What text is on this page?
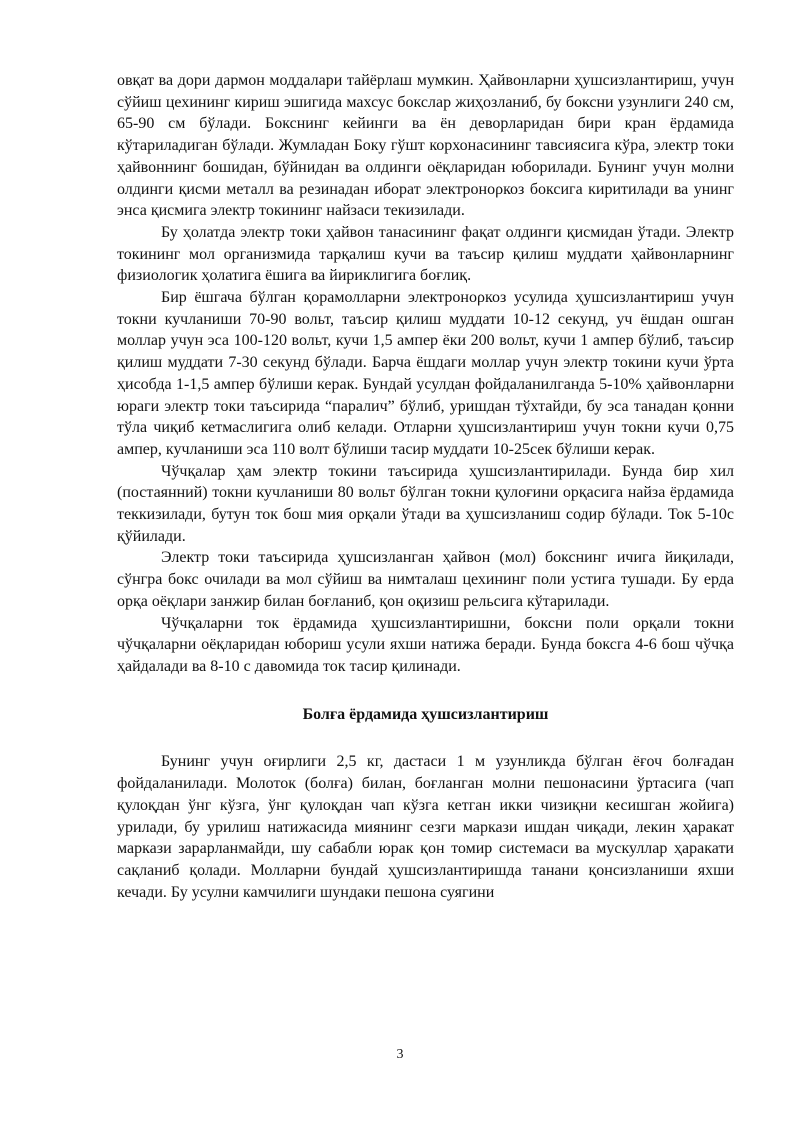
овқат ва дори дармон моддалари тайёрлаш мумкин. Ҳайвонларни ҳушсизлантириш, учун сўйиш цехининг кириш эшигида махсус бокслар жиҳозланиб, бу боксни узунлиги 240 см, 65-90 см бўлади. Бокснинг кейинги ва ён деворларидан бири кран ёрдамида кўтариладиган бўлади. Жумладан Боку гўшт корхонасининг тавсиясига кўра, электр токи ҳайвоннинг бошидан, бўйнидан ва олдинги оёқларидан юборилади. Бунинг учун молни олдинги қисми металл ва резинадан иборат электронορкоз боксига киритилади ва унинг энса қисмига электр токининг найзаси текизилади.

Бу ҳолатда электр токи ҳайвон танасининг фақат олдинги қисмидан ўтади. Электр токининг мол организмида тарқалиш кучи ва таъсир қилиш муддати ҳайвонларнинг физиологик ҳолатига ёшига ва йириклигига боғлиқ.

Бир ёшгача бўлган қорамолларни электронορкоз усулида ҳушсизлантириш учун токни кучланиши 70-90 вольт, таъсир қилиш муддати 10-12 секунд, уч ёшдан ошган моллар учун эса 100-120 вольт, кучи 1,5 ампер ёки 200 вольт, кучи 1 ампер бўлиб, таъсир қилиш муддати 7-30 секунд бўлади. Барча ёшдаги моллар учун электр токини кучи ўрта ҳисобда 1-1,5 ампер бўлиши керак. Бундай усулдан фойдаланилганда 5-10% ҳайвонларни юраги электр токи таъсирида “паралич” бўлиб, уришдан тўхтайди, бу эса танадан қонни тўла чиқиб кетмаслигига олиб келади. Отларни ҳушсизлантириш учун токни кучи 0,75 ампер, кучланиши эса 110 волт бўлиши тасир муддати 10-25сек бўлиши керак.

Чўчқалар ҳам электр токини таъсирида ҳушсизлантирилади. Бунда бир хил (постаянний) токни кучланиши 80 вольт бўлган токни қулоғини орқасига найза ёрдамида теккизилади, бутун ток бош мия орқали ўтади ва ҳушсизланиш содир бўлади. Ток 5-10с қўйилади.

Электр токи таъсирида ҳушсизланган ҳайвон (мол) бокснинг ичига йиқилади, сўнгра бокс очилади ва мол сўйиш ва нимталаш цехининг поли устига тушади. Бу ерда орқа оёқлари занжир билан боғланиб, қон оқизиш рельсига кўтарилади.

Чўчқаларни ток ёрдамида ҳушсизлантиришни, боксни поли орқали токни чўчқаларни оёқларидан юбориш усули яхши натижа беради. Бунда боксга 4-6 бош чўчқа ҳайдалади ва 8-10 с давомида ток тасир қилинади.

Болға ёрдамида ҳушсизлантириш

Бунинг учун оғирлиги 2,5 кг, дастаси 1 м узунликда бўлган ёғоч болғадан фойдаланилади. Молоток (болға) билан, боғланган молни пешонасини ўртасига (чап қулоқдан ўнг кўзга, ўнг қулоқдан чап кўзга кетган икки чизиқни кесишган жойига) урилади, бу урилиш натижасида миянинг сезги маркази ишдан чиқади, лекин ҳаракат маркази зарарланмайди, шу сабабли юрак қон томир системаси ва мускуллар ҳаракати сақланиб қолади. Молларни бундай ҳушсизлантиришда танани қонсизланиши яхши кечади. Бу усулни камчилиги шундаки пешона суягини

3
